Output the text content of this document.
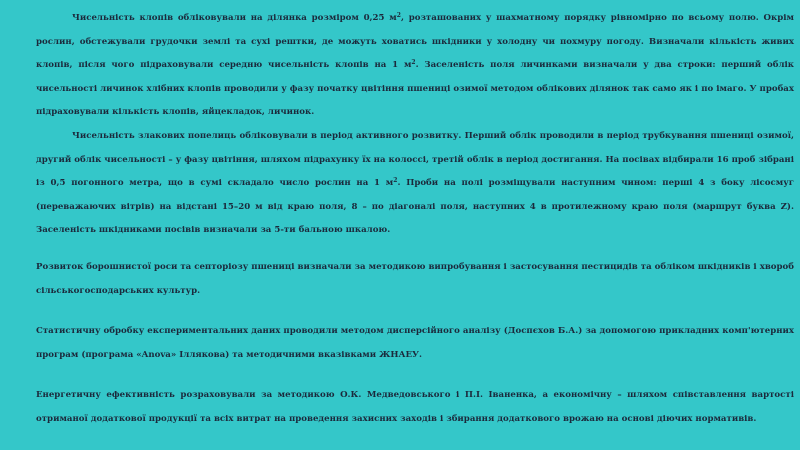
Чисельність клопів обліковували на ділянка розміром 0,25 $м^2$, розташованих у шахматному порядку рівномірно по всьому полю. Окрім рослин, обстежували грудочки землі та сухі рештки, де можуть ховатись шкідники у холодну чи похмуру погоду. Визначали кількість живих клопів, після чого підраховували середню чисельність клопів на 1 $м^2$. Заселеність поля личинками визначали у два строки: перший облік чисельності личинок хлібних клопів проводили у фазу початку цвітіння пшениці озимої методом облікових ділянок так само як і по імаго. У пробах підраховували кількість клопів, яйцекладок, личинок.

Чисельність злакових попелиць обліковували в період активного розвитку. Перший облік проводили в період трубкування пшениці озимої, другий облік чисельності – у фазу цвітіння, шляхом підрахунку їх на колоссі, третій облік в період достигання. На посівах відбирали 16 проб зібрані із 0,5 погонного метра, що в сумі складало число рослин на 1 $м^2$. Проби на полі розміщували наступним чином: перші 4 з боку лісосмуг (переважаючих вітрів) на відстані 15–20 м від краю поля, 8 – по діагоналі поля, наступних 4 в протилежному краю поля (маршрут буква Z). Заселеність шкідниками посівів визначали за 5-ти бальною шкалою.

Розвиток борошнистої роси та септоріозу пшениці визначали за методикою випробування і застосування пестицидів та обліком шкідників і хвороб сільськогосподарських культур.

Статистичну обробку експериментальних даних проводили методом дисперсійного аналізу (Доспєхов Б.А.) за допомогою прикладних комп'ютерних програм (програма «Anova» Іллякова) та методичними вказівками ЖНАЕУ.

Енергетичну ефективність розраховували за методикою О.К. Медведовського і П.І. Іваненка, а економічну – шляхом співставлення вартості отриманої додаткової продукції та всіх витрат на проведення захисних заходів і збирання додаткового врожаю на основі діючих нормативів.
